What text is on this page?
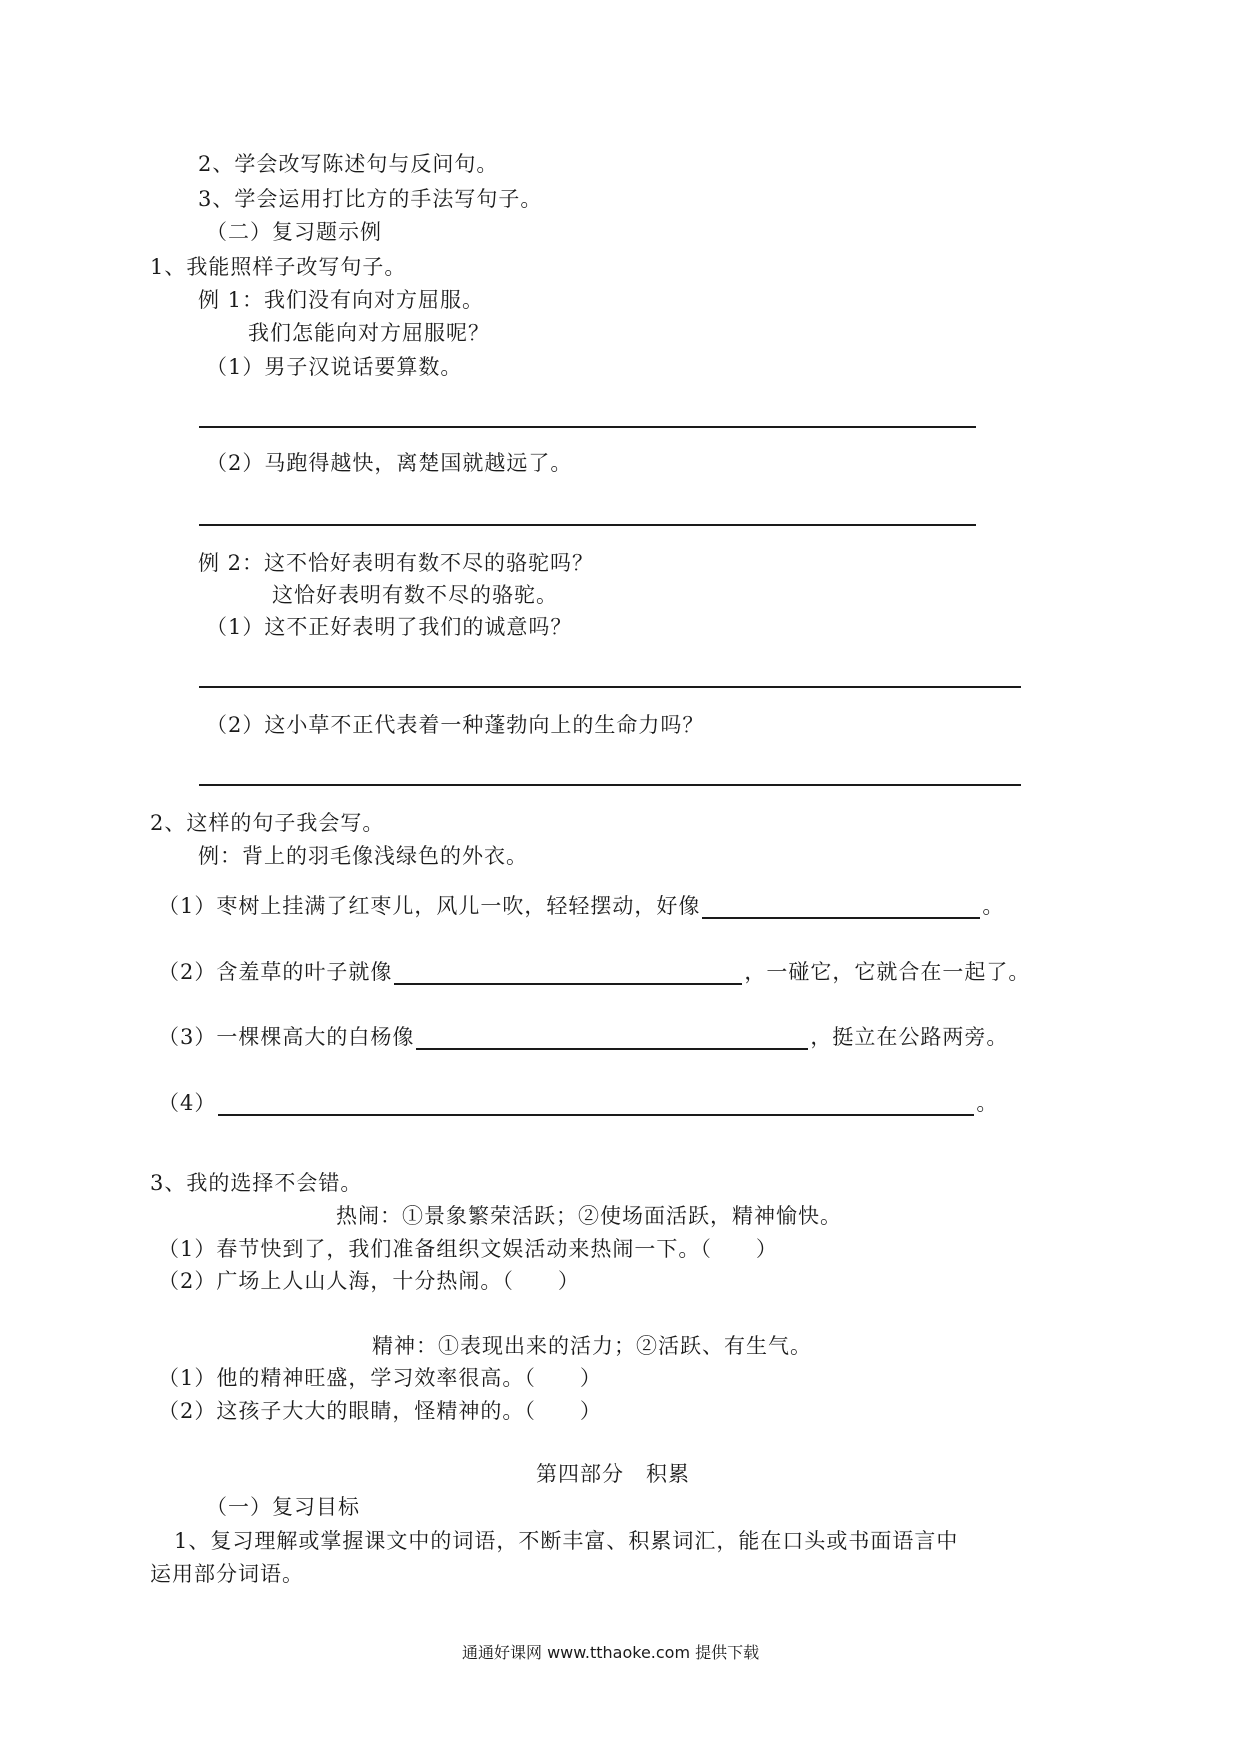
2、学会改写陈述句与反问句。
3、学会运用打比方的手法写句子。
（二）复习题示例
1、我能照样子改写句子。
例 1：我们没有向对方屈服。
我们怎能向对方屈服呢？
（1）男子汉说话要算数。
（2）马跑得越快，离楚国就越远了。
例 2：这不恰好表明有数不尽的骆驼吗？
这恰好表明有数不尽的骆驼。
（1）这不正好表明了我们的诚意吗？
（2）这小草不正代表着一种蓬勃向上的生命力吗？
2、这样的句子我会写。
例：背上的羽毛像浅绿色的外衣。
（1）枣树上挂满了红枣儿，风儿一吹，轻轻摆动，好像	。
（2）含羞草的叶子就像	，一碰它，它就合在一起了。
（3）一棵棵高大的白杨像	，挺立在公路两旁。
（4）	。
3、我的选择不会错。
热闹：①景象繁荣活跃；②使场面活跃，精神愉快。
（1）春节快到了，我们准备组织文娱活动来热闹一下。（　　）
（2）广场上人山人海，十分热闹。（　　）
精神：①表现出来的活力；②活跃、有生气。
（1）他的精神旺盛，学习效率很高。（　　）
（2）这孩子大大的眼睛，怪精神的。（　　）
第四部分　积累
（一）复习目标
1、复习理解或掌握课文中的词语，不断丰富、积累词汇，能在口头或书面语言中
运用部分词语。
通通好课网 www.tthaoke.com 提供下载
